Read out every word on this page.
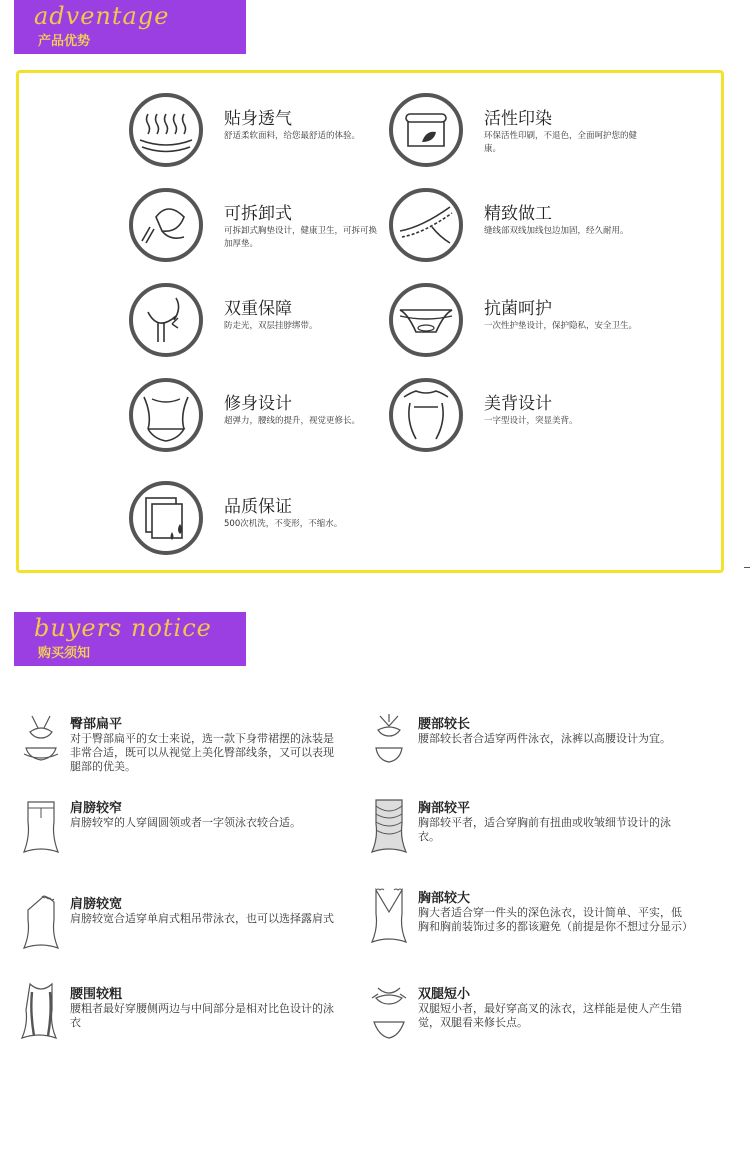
adventage
产品优势
贴身透气
舒适柔软面料，给您最舒适的体验。
活性印染
环保活性印刷，不退色，全面呵护您的健康。
可拆卸式
可拆卸式胸垫设计，健康卫生，可拆可换加厚垫。
精致做工
缝线部双线加线包边加固，经久耐用。
双重保障
防走光，双层挂脖绑带。
抗菌呵护
一次性护垫设计，保护隐私，安全卫生。
修身设计
超弹力，腰线的提升，视觉更修长。
美背设计
一字型设计，突显美背。
品质保证
500次机洗，不变形，不缩水。
buyers notice
购买须知
臀部扁平
对于臀部扁平的女士来说，选一款下身带裙摆的泳装是非常合适，既可以从视觉上美化臀部线条，又可以表现腿部的优美。
腰部较长
腰部较长者合适穿两件泳衣，泳裤以高腰设计为宜。
肩膀较窄
肩膀较窄的人穿阔圆领或者一字领泳衣较合适。
胸部较平
胸部较平者，适合穿胸前有扭曲或收皱细节设计的泳衣。
肩膀较宽
肩膀较宽合适穿单肩式粗吊带泳衣，也可以选择露肩式
胸部较大
胸大者适合穿一件头的深色泳衣，设计简单、平实，低胸和胸前装饰过多的都该避免（前提是你不想过分显示）
腰围较粗
腰粗者最好穿腰侧两边与中间部分是相对比色设计的泳衣
双腿短小
双腿短小者，最好穿高叉的泳衣，这样能是使人产生错觉，双腿看来修长点。
